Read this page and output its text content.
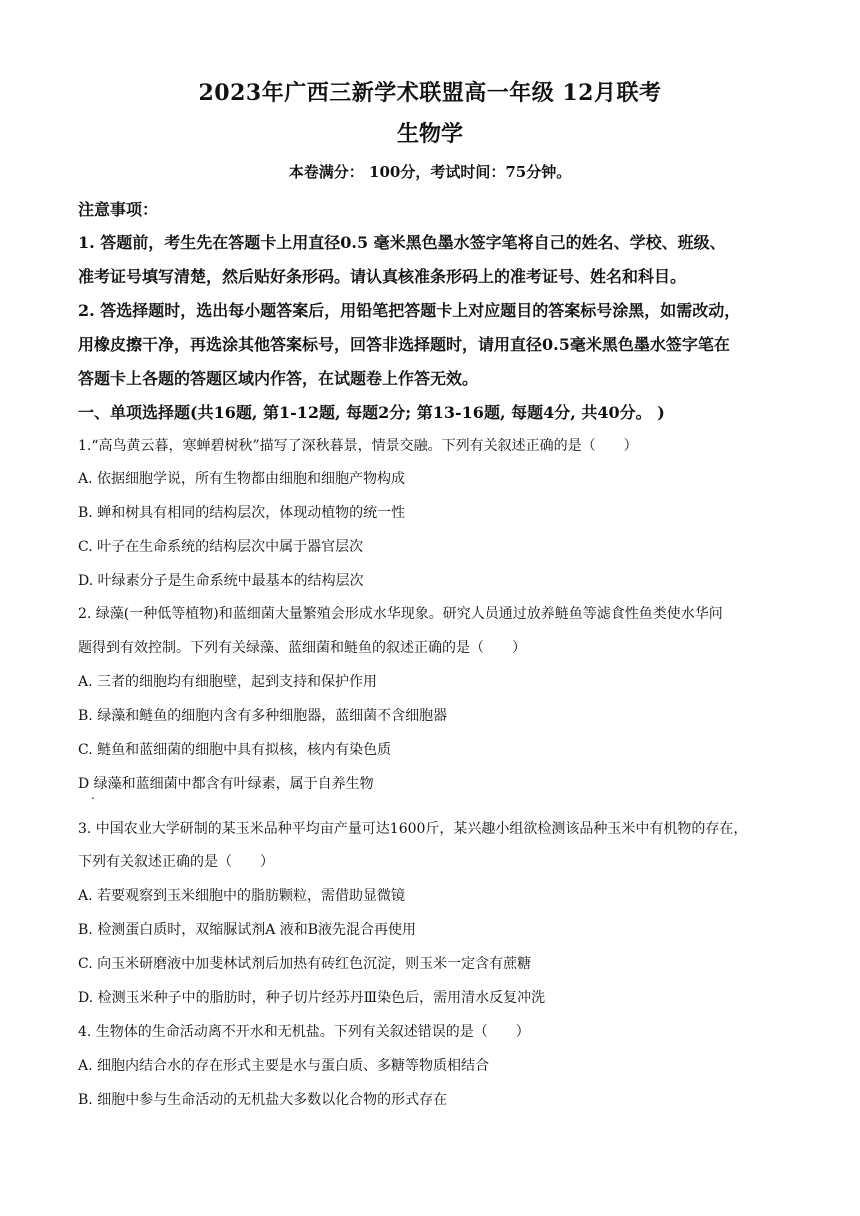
2023年广西三新学术联盟高一年级 12月联考
生物学
本卷满分： 100分，考试时间：75分钟。
注意事项：
1. 答题前，考生先在答题卡上用直径0.5 毫米黑色墨水签字笔将自己的姓名、学校、班级、
准考证号填写清楚，然后贴好条形码。请认真核准条形码上的准考证号、姓名和科目。
2. 答选择题时，选出每小题答案后，用铅笔把答题卡上对应题目的答案标号涂黑，如需改动，
用橡皮擦干净，再选涂其他答案标号，回答非选择题时，请用直径0.5毫米黑色墨水签字笔在
答题卡上各题的答题区域内作答，在试题卷上作答无效。
一、单项选择题(共16题, 第1-12题, 每题2分; 第13-16题, 每题4分, 共40分。 )
1.“高鸟黄云暮，寒蝉碧树秋”描写了深秋暮景，情景交融。下列有关叙述正确的是（　　）
A. 依据细胞学说，所有生物都由细胞和细胞产物构成
B. 蝉和树具有相同的结构层次，体现动植物的统一性
C. 叶子在生命系统的结构层次中属于器官层次
D. 叶绿素分子是生命系统中最基本的结构层次
2. 绿藻(一种低等植物)和蓝细菌大量繁殖会形成水华现象。研究人员通过放养鲢鱼等滤食性鱼类使水华问
题得到有效控制。下列有关绿藻、蓝细菌和鲢鱼的叙述正确的是（　　）
A. 三者的细胞均有细胞壁，起到支持和保护作用
B. 绿藻和鲢鱼的细胞内含有多种细胞器，蓝细菌不含细胞器
C. 鲢鱼和蓝细菌的细胞中具有拟核，核内有染色质
D 绿藻和蓝细菌中都含有叶绿素，属于自养生物
.
3. 中国农业大学研制的某玉米品种平均亩产量可达1600斤，某兴趣小组欲检测该品种玉米中有机物的存在，
下列有关叙述正确的是（　　）
A. 若要观察到玉米细胞中的脂肪颗粒，需借助显微镜
B. 检测蛋白质时，双缩脲试剂A 液和B液先混合再使用
C. 向玉米研磨液中加斐林试剂后加热有砖红色沉淀，则玉米一定含有蔗糖
D. 检测玉米种子中的脂肪时，种子切片经苏丹Ⅲ染色后，需用清水反复冲洗
4. 生物体的生命活动离不开水和无机盐。下列有关叙述错误的是（　　）
A. 细胞内结合水的存在形式主要是水与蛋白质、多糖等物质相结合
B. 细胞中参与生命活动的无机盐大多数以化合物的形式存在
